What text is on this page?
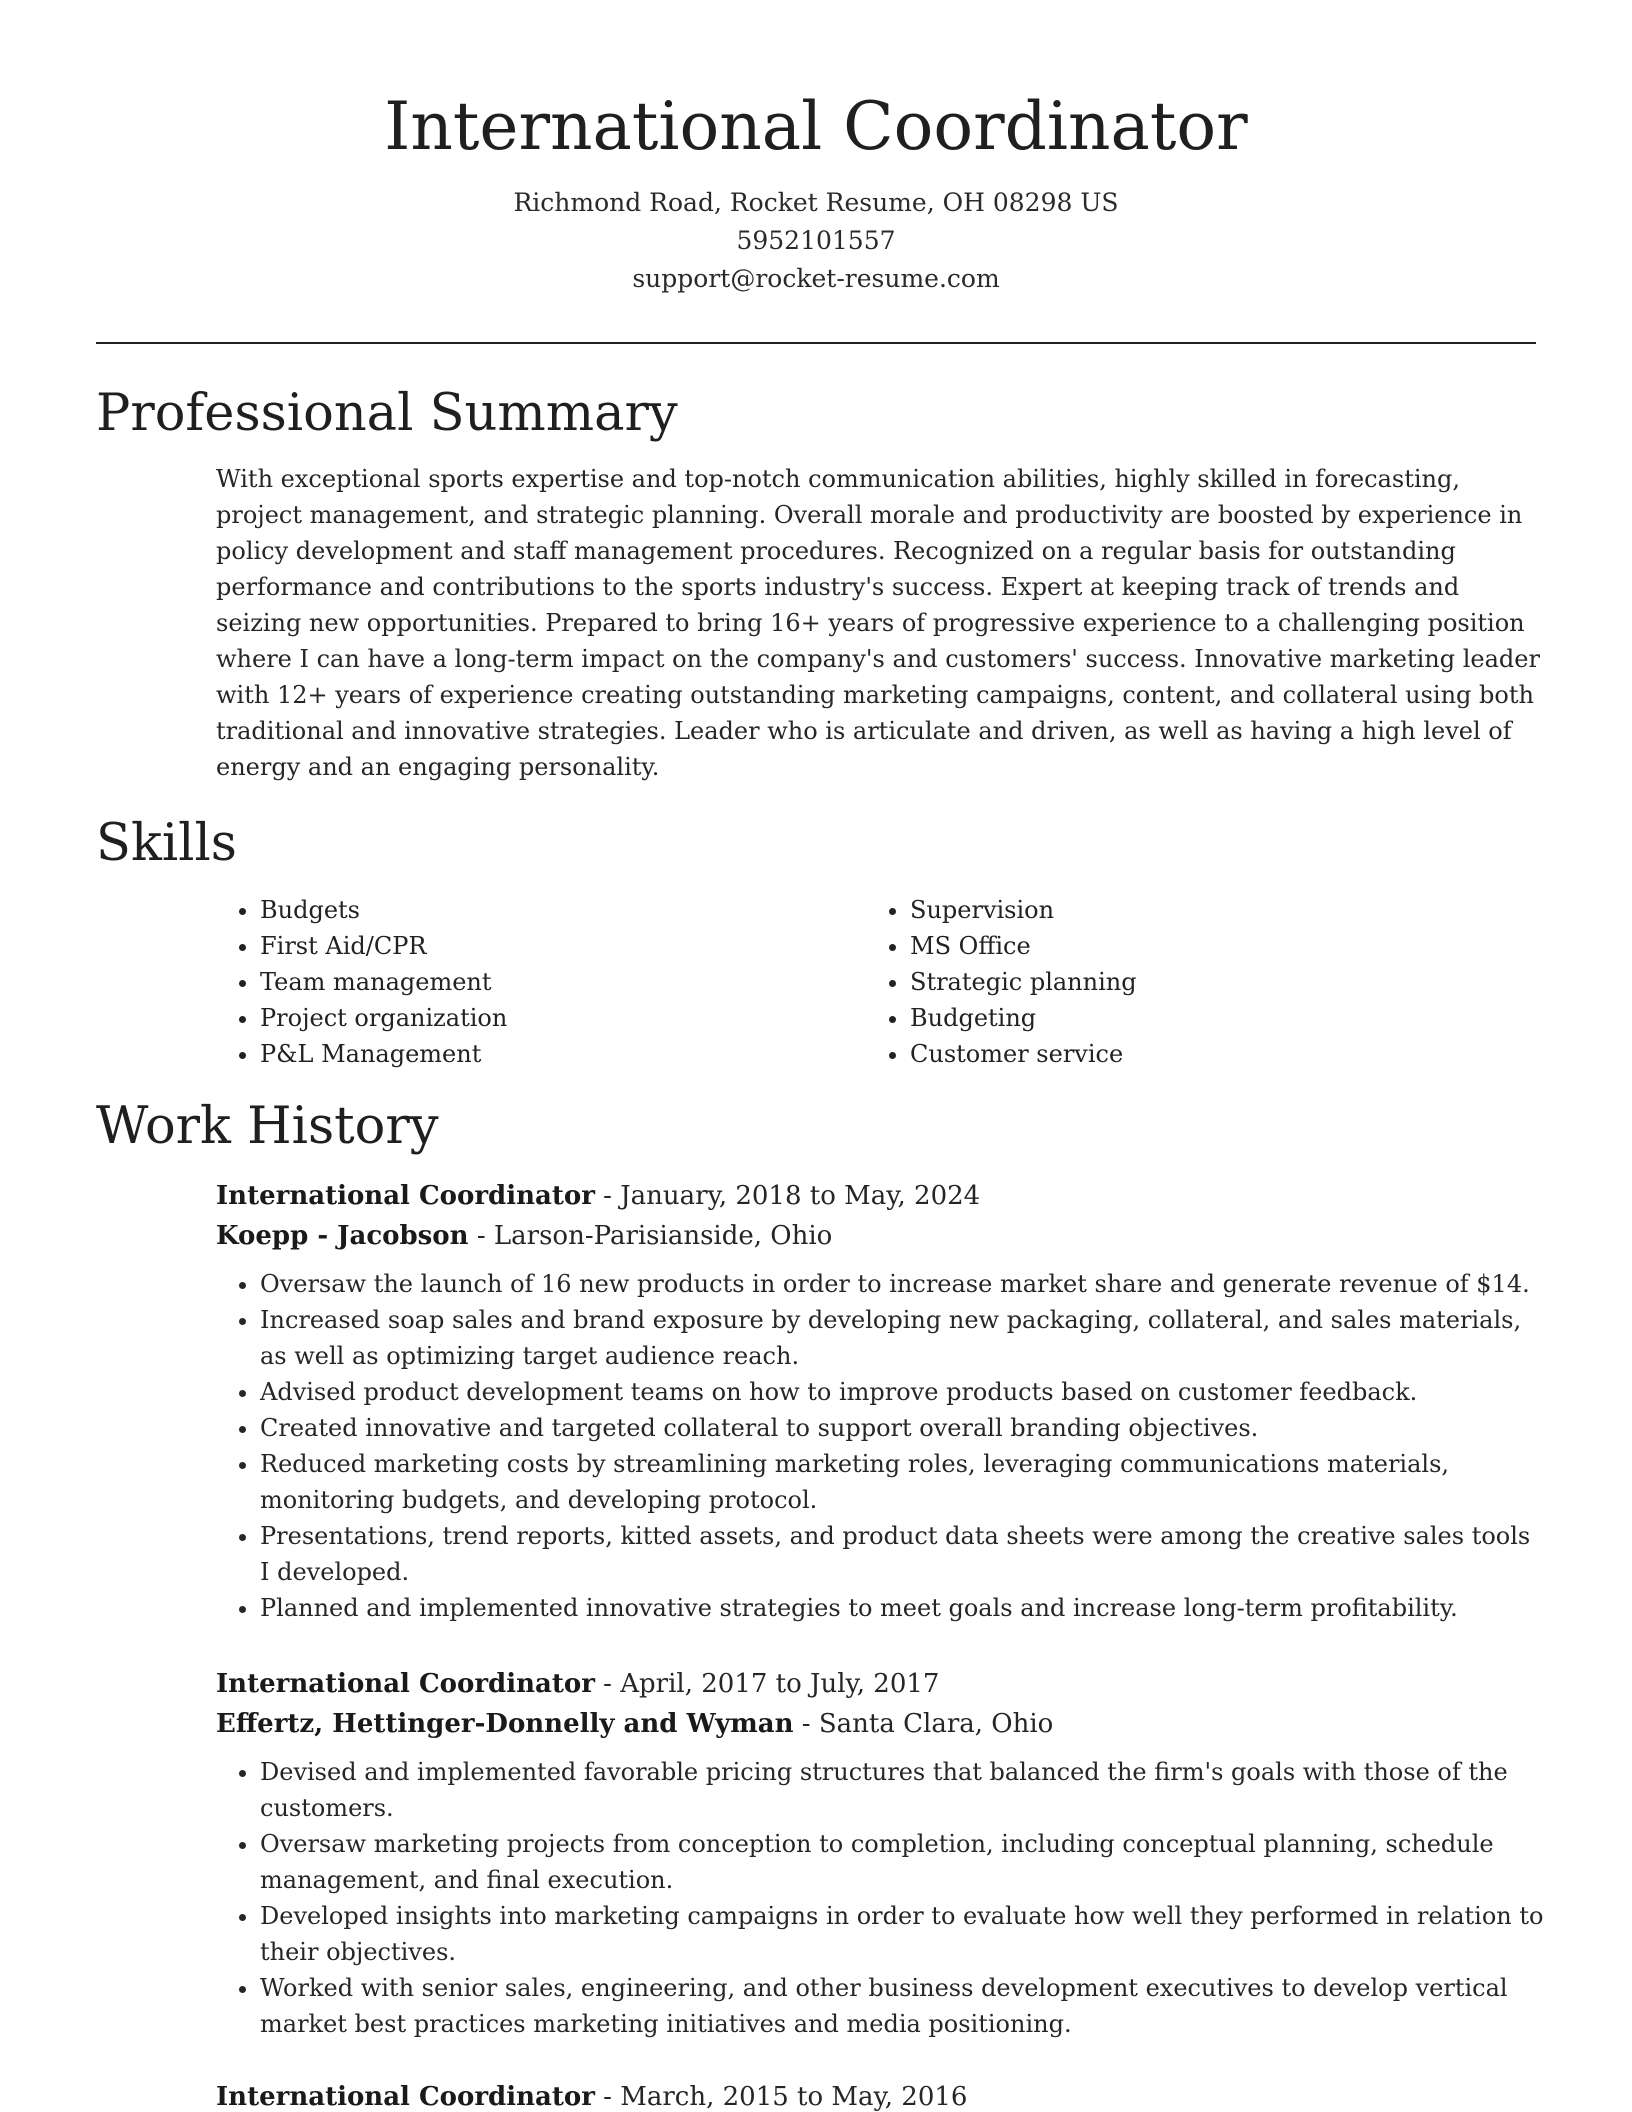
International Coordinator
Richmond Road, Rocket Resume, OH 08298 US
5952101557
support@rocket-resume.com
Professional Summary

With exceptional sports expertise and top-notch communication abilities, highly skilled in forecasting, project management, and strategic planning. Overall morale and productivity are boosted by experience in policy development and staff management procedures. Recognized on a regular basis for outstanding performance and contributions to the sports industry's success. Expert at keeping track of trends and seizing new opportunities. Prepared to bring 16+ years of progressive experience to a challenging position where I can have a long-term impact on the company's and customers' success. Innovative marketing leader with 12+ years of experience creating outstanding marketing campaigns, content, and collateral using both traditional and innovative strategies. Leader who is articulate and driven, as well as having a high level of energy and an engaging personality.

Skills
• Budgets
• First Aid/CPR
• Team management
• Project organization
• P&L Management
• Supervision
• MS Office
• Strategic planning
• Budgeting
• Customer service
Work History
International Coordinator - January, 2018 to May, 2024
Koepp - Jacobson - Larson-Parisianside, Ohio
• Oversaw the launch of 16 new products in order to increase market share and generate revenue of $14.
• Increased soap sales and brand exposure by developing new packaging, collateral, and sales materials, as well as optimizing target audience reach.
• Advised product development teams on how to improve products based on customer feedback.
• Created innovative and targeted collateral to support overall branding objectives.
• Reduced marketing costs by streamlining marketing roles, leveraging communications materials, monitoring budgets, and developing protocol.
• Presentations, trend reports, kitted assets, and product data sheets were among the creative sales tools I developed.
• Planned and implemented innovative strategies to meet goals and increase long-term profitability.
International Coordinator - April, 2017 to July, 2017
Effertz, Hettinger-Donnelly and Wyman - Santa Clara, Ohio
• Devised and implemented favorable pricing structures that balanced the firm's goals with those of the customers.
• Oversaw marketing projects from conception to completion, including conceptual planning, schedule management, and final execution.
• Developed insights into marketing campaigns in order to evaluate how well they performed in relation to their objectives.
• Worked with senior sales, engineering, and other business development executives to develop vertical market best practices marketing initiatives and media positioning.
International Coordinator - March, 2015 to May, 2016
